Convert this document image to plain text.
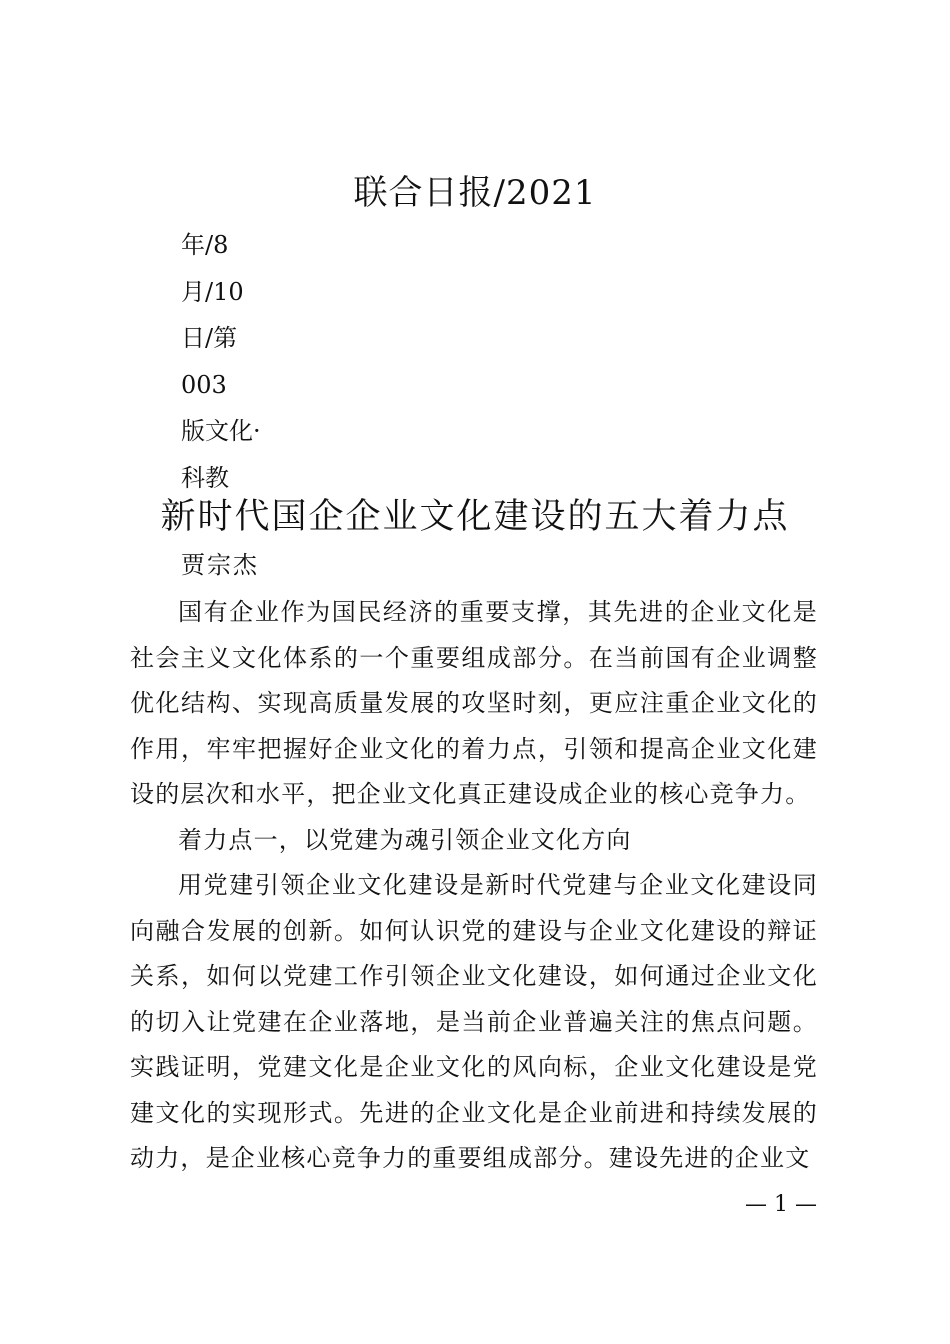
联合日报/2021
年/8
月/10
日/第
003
版文化·
科教
新时代国企企业文化建设的五大着力点
贾宗杰

国有企业作为国民经济的重要支撑，其先进的企业文化是社会主义文化体系的一个重要组成部分。在当前国有企业调整优化结构、实现高质量发展的攻坚时刻，更应注重企业文化的作用，牢牢把握好企业文化的着力点，引领和提高企业文化建设的层次和水平，把企业文化真正建设成企业的核心竞争力。

着力点一，以党建为魂引领企业文化方向

用党建引领企业文化建设是新时代党建与企业文化建设同向融合发展的创新。如何认识党的建设与企业文化建设的辩证关系，如何以党建工作引领企业文化建设，如何通过企业文化的切入让党建在企业落地，是当前企业普遍关注的焦点问题。实践证明，党建文化是企业文化的风向标，企业文化建设是党建文化的实现形式。先进的企业文化是企业前进和持续发展的动力，是企业核心竞争力的重要组成部分。建设先进的企业文

— 1 —
